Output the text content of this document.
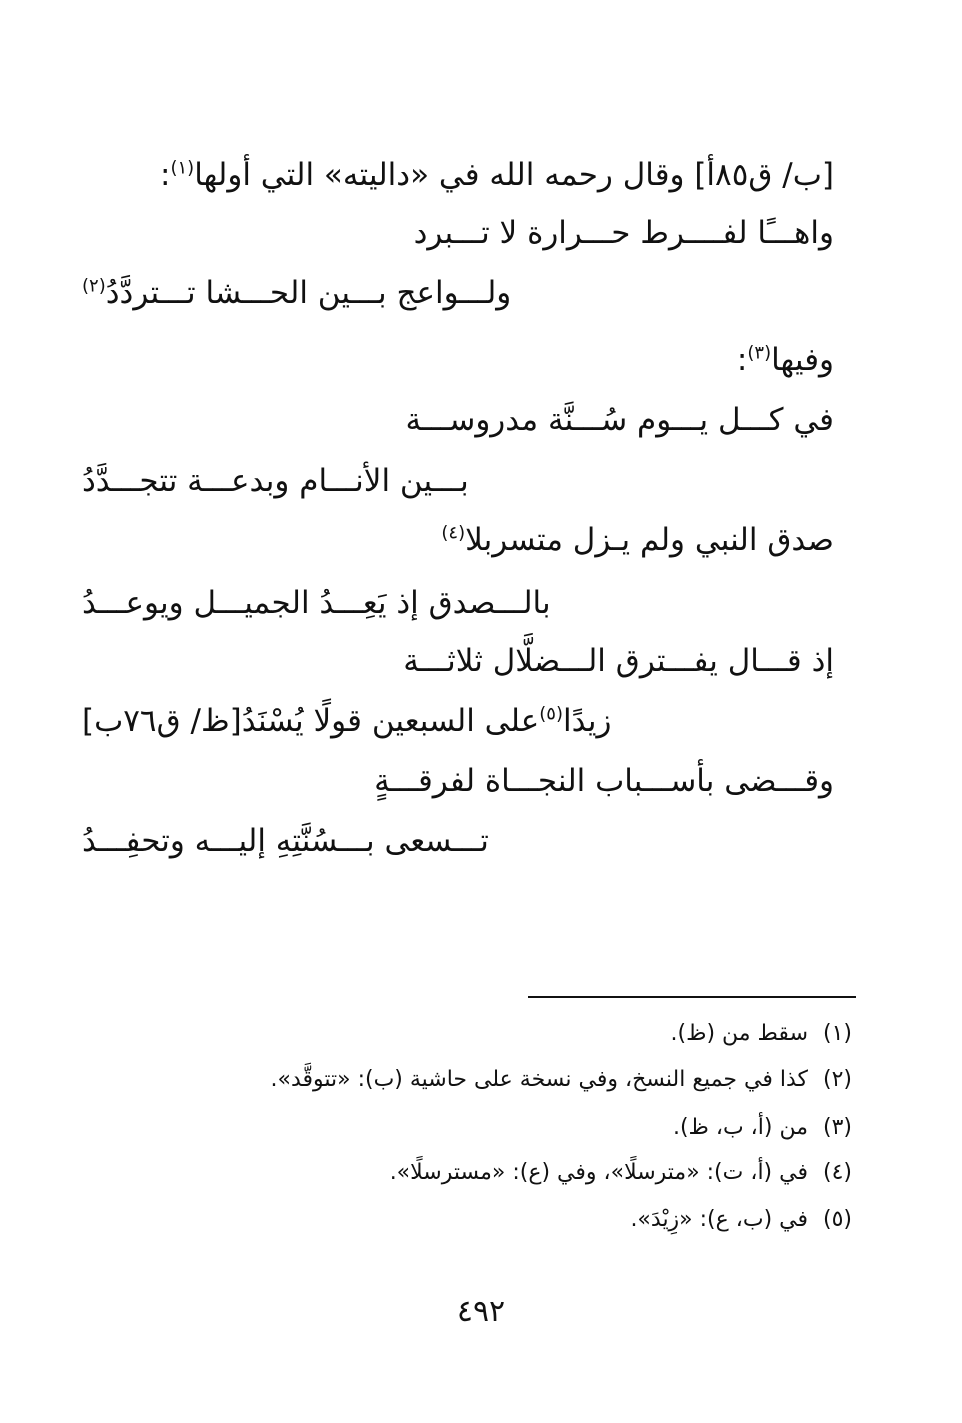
[ب/ ق٨٥أ] وقال رحمه الله في «داليته» التي أولها$^{(١)}$:
واهـــًا لفــــرط حـــرارة لا تـــبرد
ولـــواعج بـــين الحـــشا تـــتردَّدُ$^{(٢)}$
وفيها$^{(٣)}$:
في كـــل يـــوم سُـــنَّة مدروســـة
بـــين الأنـــام وبدعـــة تتجـــدَّدُ
صدق النبي ولم يـزل متسربلا$^{(٤)}$
بالـــصدق إذ يَعِـــدُ الجميـــل ويوعـــدُ
إذ قـــال يفـــترق الـــضلَّال ثلاثـــة
زيدًا$^{(٥)}$على السبعين قولًا يُسْنَدُ[ظ/ ق٧٦ب]
وقـــضى بأســـباب النجـــاة لفرقـــةٍ
تـــسعى بـــسُنَّتِهِ إليـــه وتحفِـــدُ
(١)سقط من (ظ).
(٢)كذا في جميع النسخ، وفي نسخة على حاشية (ب): «تتوقَّد».
(٣)من (أ، ب، ظ).
(٤)في (أ، ت): «مترسلًا»، وفي (ع): «مسترسلًا».
(٥)في (ب، ع): «زِيْدَ».
٤٩٢
